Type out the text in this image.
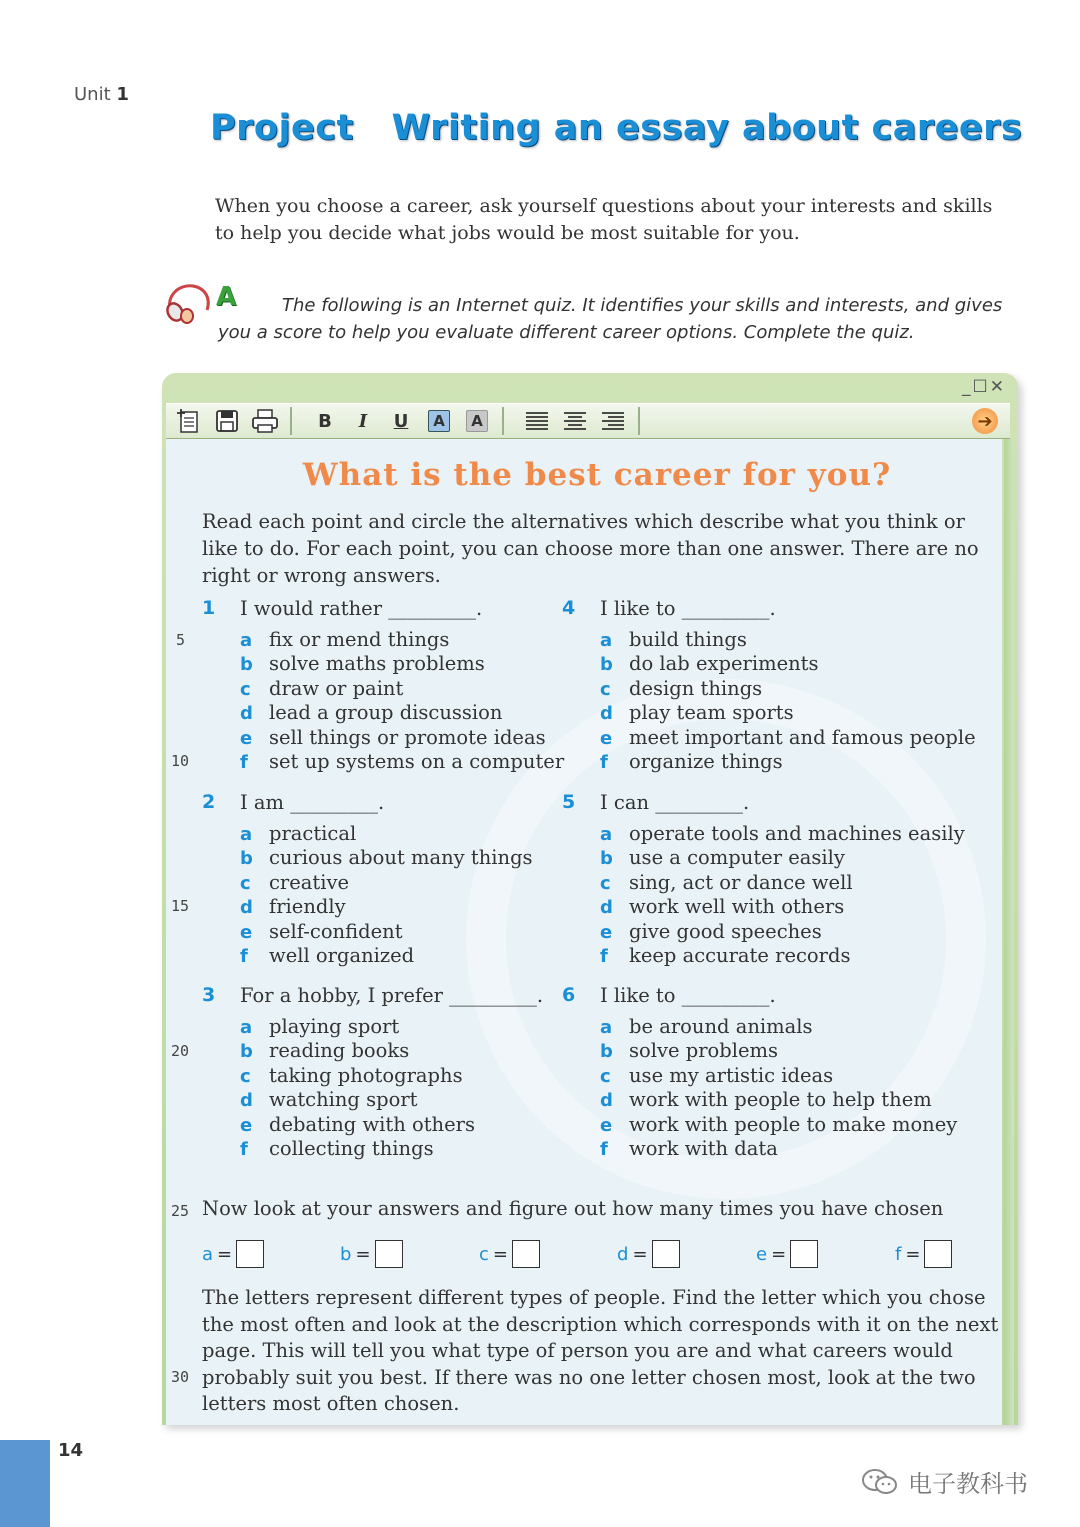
Unit 1
Project Writing an essay about careers
When you choose a career, ask yourself questions about your interests and skills to help you decide what jobs would be most suitable for you.
A	The following is an Internet quiz. It identifies your skills and interests, and gives you a score to help you evaluate different career options. Complete the quiz.
_☐✕
B	I	U	A	A	➔
What is the best career for you?
Read each point and circle the alternatives which describe what you think or like to do. For each point, you can choose more than one answer. There are no right or wrong answers.
1 I would rather _________.
a fix or mend things
b solve maths problems
c draw or paint
d lead a group discussion
e sell things or promote ideas
f set up systems on a computer
2 I am _________.
a practical
b curious about many things
c creative
d friendly
e self-confident
f well organized
3 For a hobby, I prefer _________.
a playing sport
b reading books
c taking photographs
d watching sport
e debating with others
f collecting things
4 I like to _________.
a build things
b do lab experiments
c design things
d play team sports
e meet important and famous people
f organize things
5 I can _________.
a operate tools and machines easily
b use a computer easily
c sing, act or dance well
d work well with others
e give good speeches
f keep accurate records
6 I like to _________.
a be around animals
b solve problems
c use my artistic ideas
d work with people to help them
e work with people to make money
f work with data
5
10
15
20
25
30
Now look at your answers and figure out how many times you have chosen
a =	b =	c =	d =	e =	f =
The letters represent different types of people. Find the letter which you chose the most often and look at the description which corresponds with it on the next page. This will tell you what type of person you are and what careers would probably suit you best. If there was no one letter chosen most, look at the two letters most often chosen.
14
电子教科书
